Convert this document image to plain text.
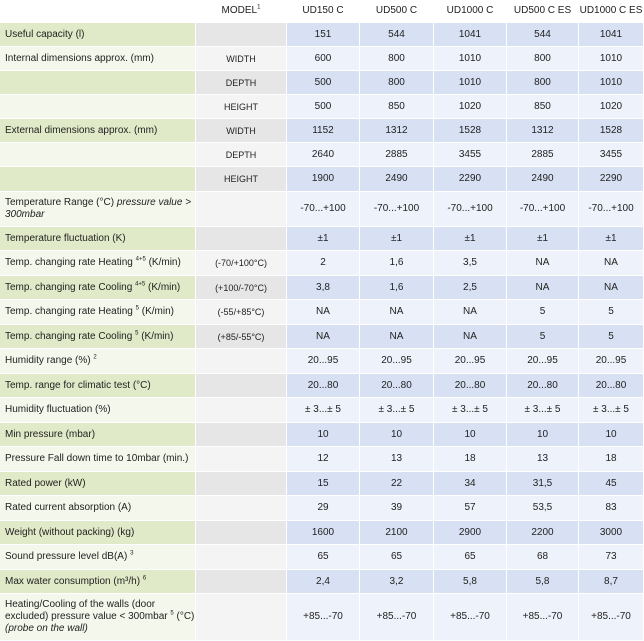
	MODEL$^1$	UD150 C	UD500 C	UD1000 C	UD500 C ES	UD1000 C ES
Useful capacity (l)		151	544	1041	544	1041
Internal dimensions approx. (mm)	WIDTH	600	800	1010	800	1010
	DEPTH	500	800	1010	800	1010
	HEIGHT	500	850	1020	850	1020
External dimensions approx. (mm)	WIDTH	1152	1312	1528	1312	1528
	DEPTH	2640	2885	3455	2885	3455
	HEIGHT	1900	2490	2290	2490	2290
Temperature Range (°C) pressure value > 300mbar		-70...+100	-70...+100	-70...+100	-70...+100	-70...+100
Temperature fluctuation (K)		±1	±1	±1	±1	±1
Temp. changing rate Heating $^{4+5}$ (K/min)	(-70/+100°C)	2	1,6	3,5	NA	NA
Temp. changing rate Cooling $^{4+5}$ (K/min)	(+100/-70°C)	3,8	1,6	2,5	NA	NA
Temp. changing rate Heating $^5$ (K/min)	(-55/+85°C)	NA	NA	NA	5	5
Temp. changing rate Cooling $^5$ (K/min)	(+85/-55°C)	NA	NA	NA	5	5
Humidity range (%) $^2$		20...95	20...95	20...95	20...95	20...95
Temp. range for climatic test (°C)		20...80	20...80	20...80	20...80	20...80
Humidity fluctuation (%)		± 3...± 5	± 3...± 5	± 3...± 5	± 3...± 5	± 3...± 5
Min pressure (mbar)		10	10	10	10	10
Pressure Fall down time to 10mbar (min.)		12	13	18	13	18
Rated power (kW)		15	22	34	31,5	45
Rated current absorption (A)		29	39	57	53,5	83
Weight (without packing) (kg)		1600	2100	2900	2200	3000
Sound pressure level dB(A) $^3$		65	65	65	68	73
Max water consumption (m³/h) $^6$		2,4	3,2	5,8	5,8	8,7
Heating/Cooling of the walls (door excluded) pressure value < 300mbar $^5$ (°C) (probe on the wall)		+85...-70	+85...-70	+85...-70	+85...-70	+85...-70
